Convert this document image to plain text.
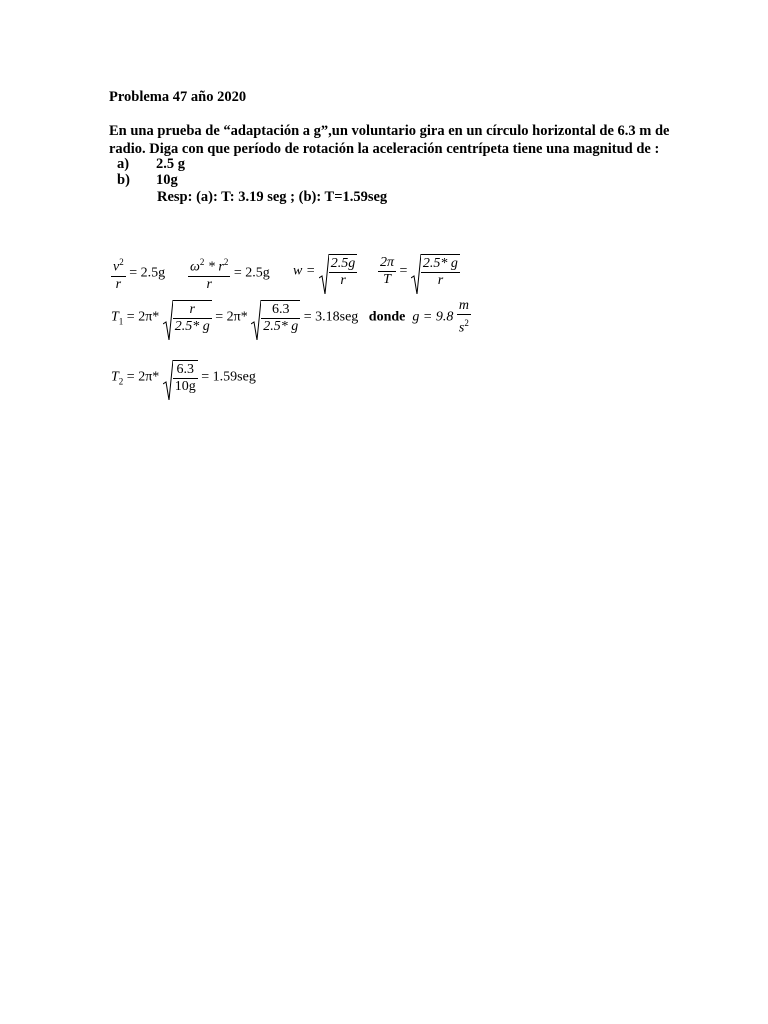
Problema 47 año 2020
En una prueba de “adaptación a g”,un voluntario gira en un círculo horizontal de 6.3 m de
radio. Diga con que período de rotación la aceleración centrípeta tiene una magnitud de :
a) 2.5 g
b) 10g
Resp: (a): T: 3.19 seg ; (b): T=1.59seg
$\frac{v^2}{r} = 2.5g \frac{\omega^2 * r^2}{r} = 2.5g$ $w = \frac{2.5g}{r} \frac{2\pi}{T} = \frac{2.5* g}{r}$
$T_1 = 2\pi* \frac{r}{2.5* g} = 2\pi* \frac{6.3}{2.5* g} = 3.18seg$ donde $g = 9.8 \frac{m}{s^2}$
$T_2 = 2\pi* \frac{6.3}{10g} = 1.59seg$
